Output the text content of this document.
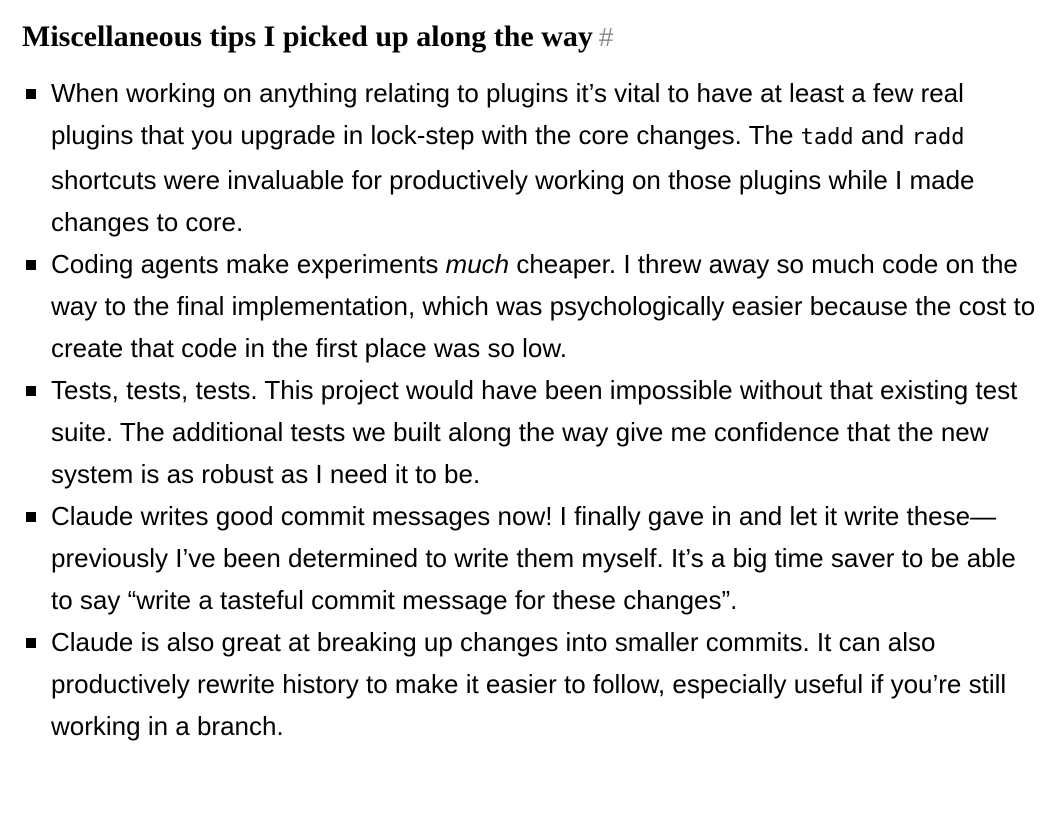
Miscellaneous tips I picked up along the way #
When working on anything relating to plugins it’s vital to have at least a few real plugins that you upgrade in lock-step with the core changes. The tadd and radd shortcuts were invaluable for productively working on those plugins while I made changes to core.
Coding agents make experiments much cheaper. I threw away so much code on the way to the final implementation, which was psychologically easier because the cost to create that code in the first place was so low.
Tests, tests, tests. This project would have been impossible without that existing test suite. The additional tests we built along the way give me confidence that the new system is as robust as I need it to be.
Claude writes good commit messages now! I finally gave in and let it write these—previously I’ve been determined to write them myself. It’s a big time saver to be able to say “write a tasteful commit message for these changes”.
Claude is also great at breaking up changes into smaller commits. It can also productively rewrite history to make it easier to follow, especially useful if you’re still working in a branch.
